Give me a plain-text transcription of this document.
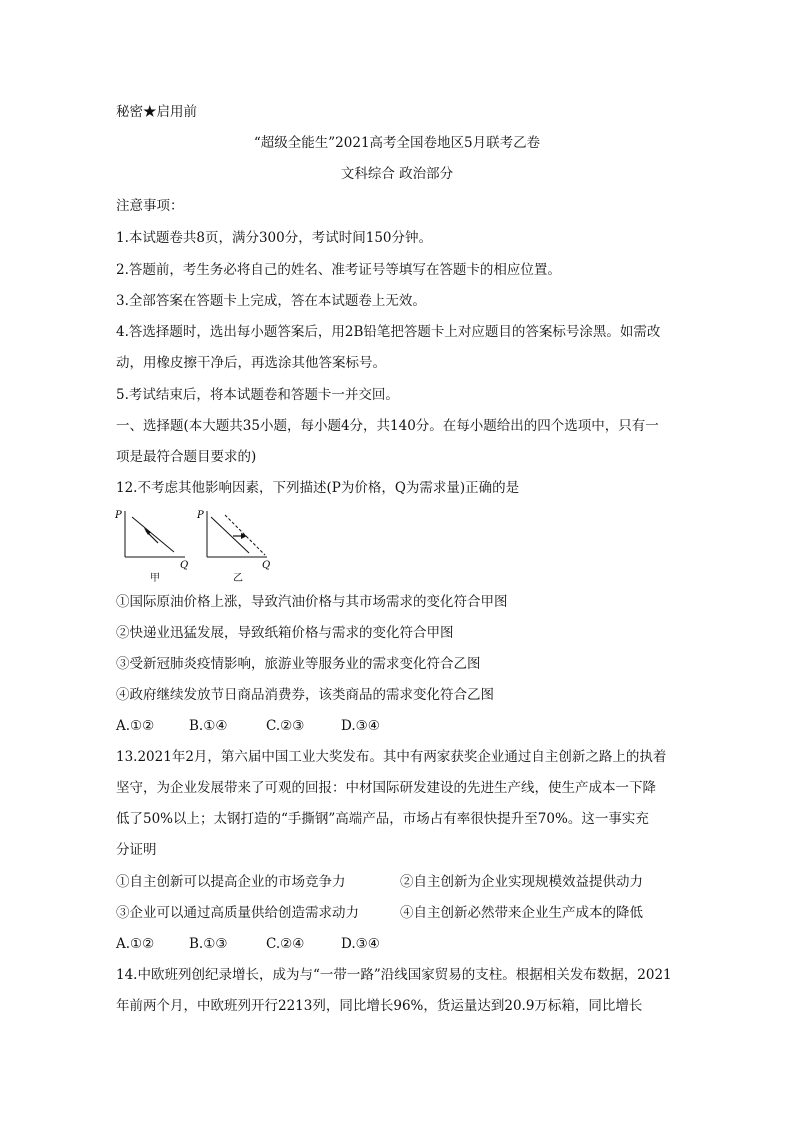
秘密★启用前
“超级全能生”2021高考全国卷地区5月联考乙卷
文科综合 政治部分
注意事项：
1.本试题卷共8页，满分300分，考试时间150分钟。
2.答题前，考生务必将自己的姓名、准考证号等填写在答题卡的相应位置。
3.全部答案在答题卡上完成，答在本试题卷上无效。
4.答选择题时，选出每小题答案后，用2B铅笔把答题卡上对应题目的答案标号涂黑。如需改
动，用橡皮擦干净后，再选涂其他答案标号。
5.考试结束后，将本试题卷和答题卡一并交回。
一、选择题(本大题共35小题，每小题4分，共140分。在每小题给出的四个选项中，只有一
项是最符合题目要求的)
12.不考虑其他影响因素，下列描述(P为价格，Q为需求量)正确的是
P
Q
甲
P
Q
乙
①国际原油价格上涨，导致汽油价格与其市场需求的变化符合甲图
②快递业迅猛发展，导致纸箱价格与需求的变化符合甲图
③受新冠肺炎疫情影响，旅游业等服务业的需求变化符合乙图
④政府继续发放节日商品消费券，该类商品的需求变化符合乙图
A.①②	B.①④	C.②③	D.③④
13.2021年2月，第六届中国工业大奖发布。其中有两家获奖企业通过自主创新之路上的执着
坚守，为企业发展带来了可观的回报：中材国际研发建设的先进生产线，使生产成本一下降
低了50%以上；太钢打造的“手撕钢”高端产品，市场占有率很快提升至70%。这一事实充
分证明
①自主创新可以提高企业的市场竞争力	②自主创新为企业实现规模效益提供动力
③企业可以通过高质量供给创造需求动力	④自主创新必然带来企业生产成本的降低
A.①②	B.①③	C.②④	D.③④
14.中欧班列创纪录增长，成为与“一带一路”沿线国家贸易的支柱。根据相关发布数据，2021
年前两个月，中欧班列开行2213列，同比增长96%，货运量达到20.9万标箱，同比增长
